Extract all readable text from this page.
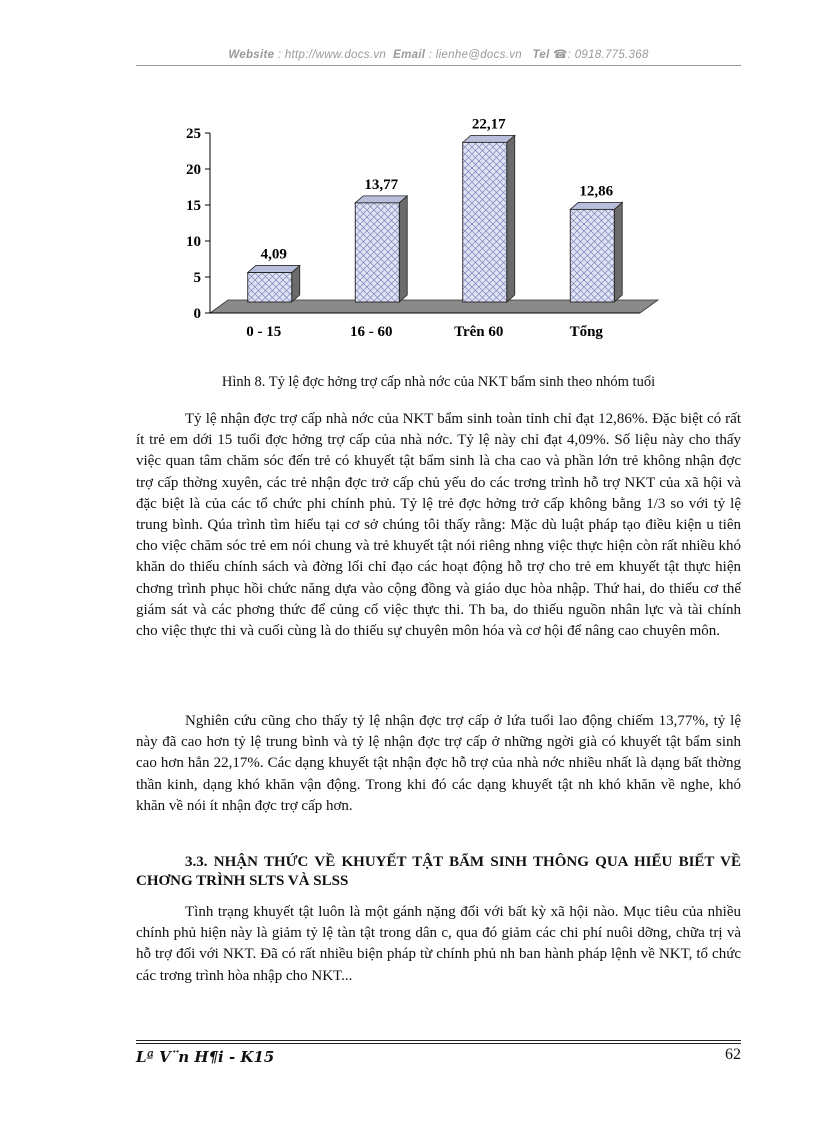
Website : http://www.docs.vn Email : lienhe@docs.vn Tel ☎: 0918.775.368
0
5
10
15
20
25
4,09
0 - 15
13,77
16 - 60
22,17
Trên 60
12,86
Tổng
Hình 8. Tỷ lệ đợc hởng trợ cấp nhà nớc của NKT bẩm sinh theo nhóm tuổi

Tỷ lệ nhận đợc trợ cấp nhà nớc của NKT bẩm sinh toàn tỉnh chỉ đạt 12,86%. Đặc biệt có rất ít trẻ em dới 15 tuổi đợc hởng trợ cấp của nhà nớc. Tỷ lệ này chỉ đạt 4,09%. Số liệu này cho thấy việc quan tâm chăm sóc đến trẻ có khuyết tật bẩm sinh là cha cao và phần lớn trẻ không nhận đợc trợ cấp thờng xuyên, các trẻ nhận đợc trở cấp chủ yếu do các trơng trình hỗ trợ NKT của xã hội và đặc biệt là của các tổ chức phi chính phủ. Tỷ lệ trẻ đợc hởng trở cấp không bằng 1/3 so với tỷ lệ trung bình. Qúa trình tìm hiểu tại cơ sở chúng tôi thấy rằng: Mặc dù luật pháp tạo điều kiện u tiên cho việc chăm sóc trẻ em nói chung và trẻ khuyết tật nói riêng nhng việc thực hiện còn rất nhiều khó khăn do thiếu chính sách và đờng lối chỉ đạo các hoạt động hỗ trợ cho trẻ em khuyết tật thực hiện chơng trình phục hồi chức năng dựa vào cộng đồng và giáo dục hòa nhập. Thứ hai, do thiếu cơ thế giám sát và các phơng thức để củng cố việc thực thi. Th ba, do thiếu nguồn nhân lực và tài chính cho việc thực thi và cuối cùng là do thiếu sự chuyên môn hóa và cơ hội để nâng cao chuyên môn.

Nghiên cứu cũng cho thấy tỷ lệ nhận đợc trợ cấp ở lứa tuổi lao động chiếm 13,77%, tỷ lệ này đã cao hơn tỷ lệ trung bình và tỷ lệ nhận đợc trợ cấp ở những ngời già có khuyết tật bẩm sinh cao hơn hẳn 22,17%. Các dạng khuyết tật nhận đợc hỗ trợ của nhà nớc nhiều nhất là dạng bất thờng thần kinh, dạng khó khăn vận động. Trong khi đó các dạng khuyết tật nh khó khăn về nghe, khó khăn về nói ít nhận đợc trợ cấp hơn.

3.3. NHẬN THỨC VỀ KHUYẾT TẬT BẨM SINH THÔNG QUA HIỂU BIẾT VỀ CHƠNG TRÌNH SLTS VÀ SLSS

Tình trạng khuyết tật luôn là một gánh nặng đối với bất kỳ xã hội nào. Mục tiêu của nhiều chính phủ hiện này là giảm tỷ lệ tàn tật trong dân c, qua đó giảm các chi phí nuôi dỡng, chữa trị và hỗ trợ đối với NKT. Đã có rất nhiều biện pháp từ chính phủ nh ban hành pháp lệnh về NKT, tổ chức các trơng trình hòa nhập cho NKT...

Lª V¨n H¶i - K15	62
